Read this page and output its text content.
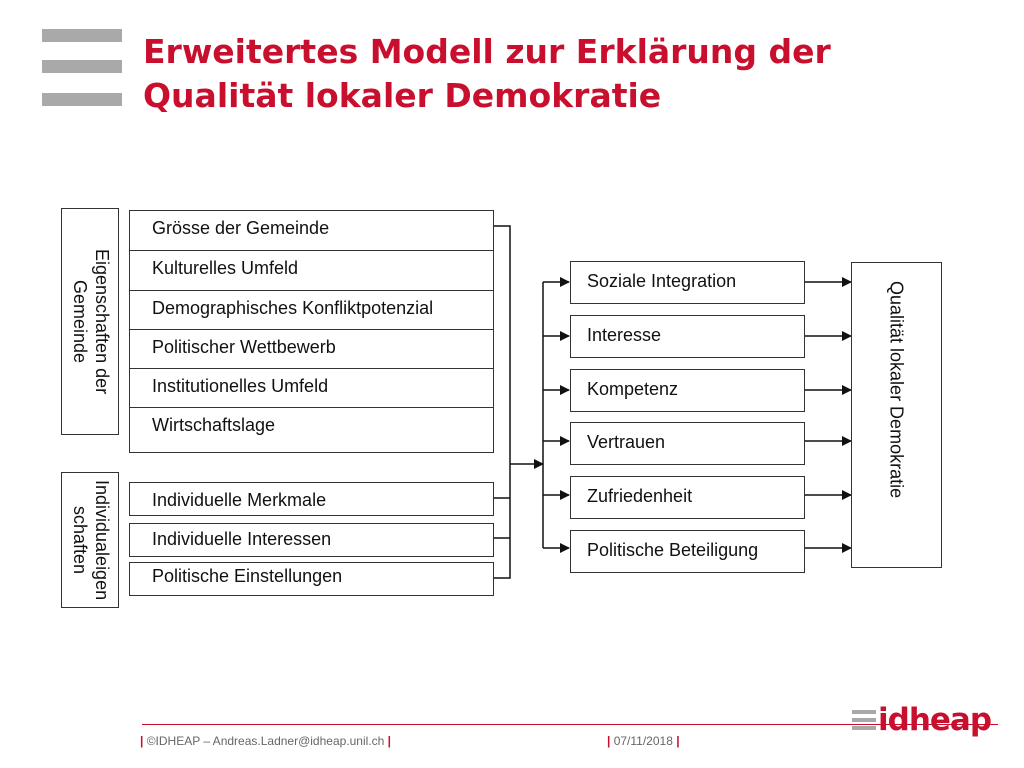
Erweitertes Modell zur Erklärung der
Qualität lokaler Demokratie
Eigenschaften der Gemeinde
Individualeigenschaften
Grösse der Gemeinde
Kulturelles Umfeld
Demographisches Konfliktpotenzial
Politischer Wettbewerb
Institutionelles Umfeld
Wirtschaftslage
Individuelle Merkmale
Individuelle Interessen
Politische Einstellungen
Soziale Integration
Interesse
Kompetenz
Vertrauen
Zufriedenheit
Politische Beteiligung
Qualität lokaler Demokratie
| ©IDHEAP – Andreas.Ladner@idheap.unil.ch |	| 07/11/2018 |
idheap
